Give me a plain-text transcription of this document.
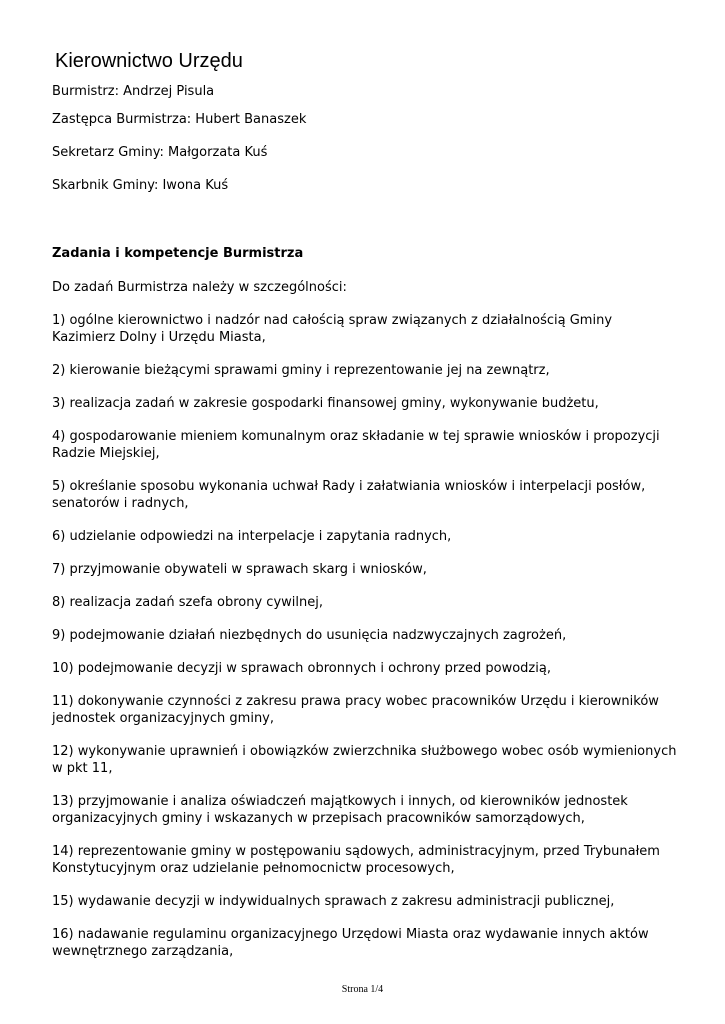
Kierownictwo Urzędu
Burmistrz: Andrzej Pisula
Zastępca Burmistrza: Hubert Banaszek
Sekretarz Gminy: Małgorzata Kuś
Skarbnik Gminy: Iwona Kuś
Zadania i kompetencje Burmistrza

Do zadań Burmistrza należy w szczególności:

1) ogólne kierownictwo i nadzór nad całością spraw związanych z działalnością Gminy Kazimierz Dolny i Urzędu Miasta,
2) kierowanie bieżącymi sprawami gminy i reprezentowanie jej na zewnątrz,
3) realizacja zadań w zakresie gospodarki finansowej gminy, wykonywanie budżetu,
4) gospodarowanie mieniem komunalnym oraz składanie w tej sprawie wniosków i propozycji Radzie Miejskiej,
5) określanie sposobu wykonania uchwał Rady i załatwiania wniosków i interpelacji posłów, senatorów i radnych,
6) udzielanie odpowiedzi na interpelacje i zapytania radnych,
7) przyjmowanie obywateli w sprawach skarg i wniosków,
8) realizacja zadań szefa obrony cywilnej,
9) podejmowanie działań niezbędnych do usunięcia nadzwyczajnych zagrożeń,
10) podejmowanie decyzji w sprawach obronnych i ochrony przed powodzią,
11) dokonywanie czynności z zakresu prawa pracy wobec pracowników Urzędu i kierowników jednostek organizacyjnych gminy,
12) wykonywanie uprawnień i obowiązków zwierzchnika służbowego wobec osób wymienionych w pkt 11,
13) przyjmowanie i analiza oświadczeń majątkowych i innych, od kierowników jednostek organizacyjnych gminy i wskazanych w przepisach pracowników samorządowych,
14) reprezentowanie gminy w postępowaniu sądowych, administracyjnym, przed Trybunałem Konstytucyjnym oraz udzielanie pełnomocnictw procesowych,
15) wydawanie decyzji w indywidualnych sprawach z zakresu administracji publicznej,
16) nadawanie regulaminu organizacyjnego Urzędowi Miasta oraz wydawanie innych aktów wewnętrznego zarządzania,
Strona 1/4
